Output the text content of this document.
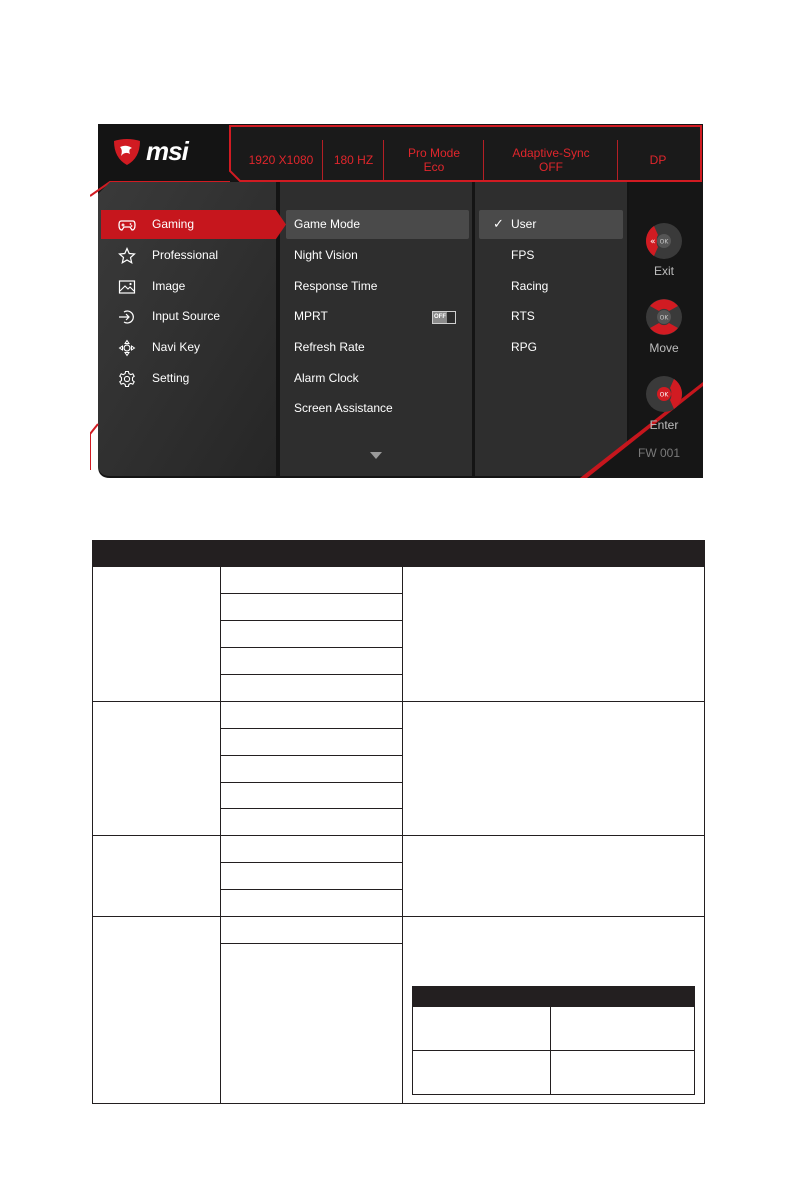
msi	1920 X1080	180 HZ	Pro Mode
Eco
Adaptive-Sync
OFF	DP
Gaming
Professional
Image
Input Source
Navi Key
Setting
Game Mode
Night Vision
Response Time
MPRT	OFF
Refresh Rate
Alarm Clock
Screen Assistance
✓ User
FPS
Racing
RTS
RPG
OK
«
Exit
OK
Move
OK
Enter
FW 001
